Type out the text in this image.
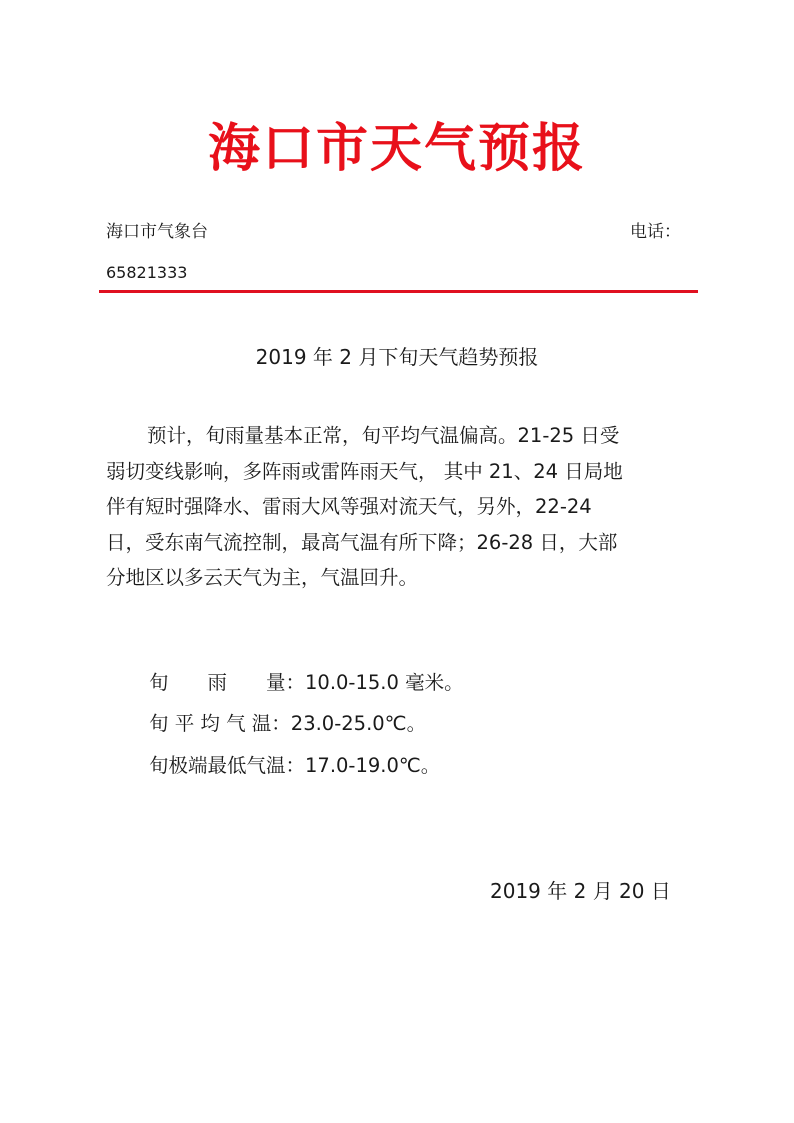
海口市天气预报
海口市气象台	电话：
65821333
2019 年 2 月下旬天气趋势预报
预计，旬雨量基本正常，旬平均气温偏高。21-25 日受
弱切变线影响，多阵雨或雷阵雨天气， 其中 21、24 日局地
伴有短时强降水、雷雨大风等强对流天气，另外，22-24
日，受东南气流控制，最高气温有所下降；26-28 日，大部
分地区以多云天气为主，气温回升。
旬　　雨　　量：10.0-15.0 毫米。
旬 平 均 气 温：23.0-25.0℃。
旬极端最低气温：17.0-19.0℃。
2019 年 2 月 20 日
